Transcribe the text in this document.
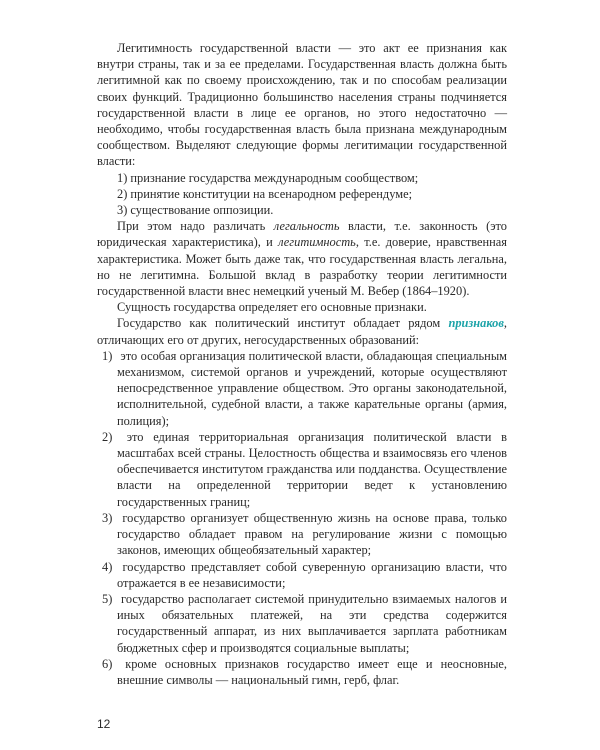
Легитимность государственной власти — это акт ее признания как внутри страны, так и за ее пределами. Государственная власть должна быть легитимной как по своему происхождению, так и по способам реализации своих функций. Традиционно большинство населения страны подчиняется государственной власти в лице ее органов, но этого недостаточно — необходимо, чтобы государственная власть была признана международным сообществом. Выделяют следующие формы легитимации государственной власти:

1) признание государства международным сообществом;

2) принятие конституции на всенародном референдуме;

3) существование оппозиции.

При этом надо различать легальность власти, т.е. законность (это юридическая характеристика), и легитимность, т.е. доверие, нравственная характеристика. Может быть даже так, что государственная власть легальна, но не легитимна. Большой вклад в разработку теории легитимности государственной власти внес немецкий ученый М. Вебер (1864–1920).

Сущность государства определяет его основные признаки.

Государство как политический институт обладает рядом признаков, отличающих его от других, негосударственных образований:

1) это особая организация политической власти, обладающая специальным механизмом, системой органов и учреждений, которые осуществляют непосредственное управление обществом. Это органы законодательной, исполнительной, судебной власти, а также карательные органы (армия, полиция);

2) это единая территориальная организация политической власти в масштабах всей страны. Целостность общества и взаимосвязь его членов обеспечивается институтом гражданства или подданства. Осуществление власти на определенной территории ведет к установлению государственных границ;

3) государство организует общественную жизнь на основе права, только государство обладает правом на регулирование жизни с помощью законов, имеющих общеобязательный характер;

4) государство представляет собой суверенную организацию власти, что отражается в ее независимости;

5) государство располагает системой принудительно взимаемых налогов и иных обязательных платежей, на эти средства содержится государственный аппарат, из них выплачивается зарплата работникам бюджетных сфер и производятся социальные выплаты;

6) кроме основных признаков государство имеет еще и неосновные, внешние символы — национальный гимн, герб, флаг.

12
